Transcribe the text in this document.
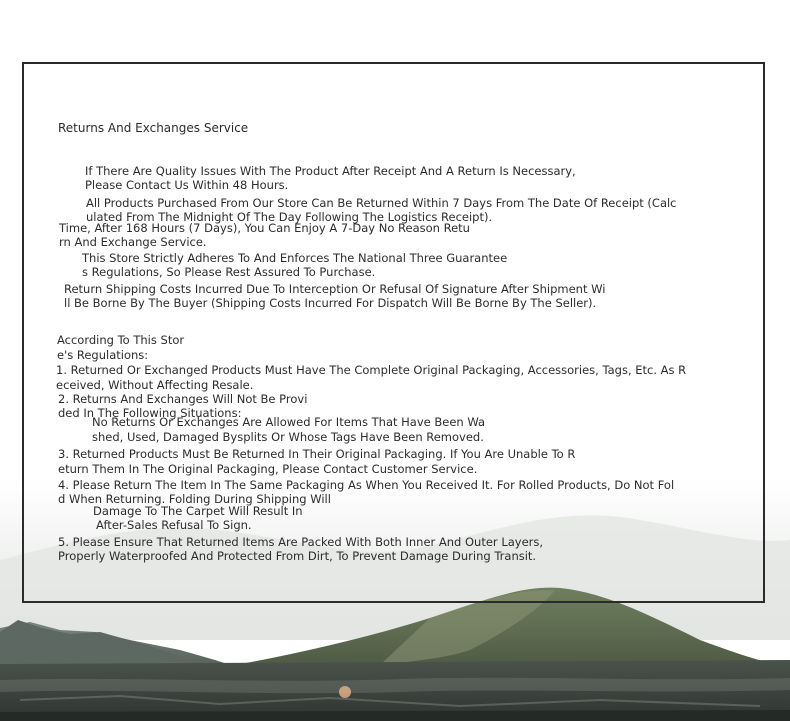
Returns And Exchanges Service

If There Are Quality Issues With The Product After Receipt And A Return Is Necessary,

Please Contact Us Within 48 Hours.

All Products Purchased From Our Store Can Be Returned Within 7 Days From The Date Of Receipt (Calc

ulated From The Midnight Of The Day Following The Logistics Receipt).

Time, After 168 Hours (7 Days), You Can Enjoy A 7-Day No Reason Retu

rn And Exchange Service.

This Store Strictly Adheres To And Enforces The National Three Guarantee

s Regulations, So Please Rest Assured To Purchase.

Return Shipping Costs Incurred Due To Interception Or Refusal Of Signature After Shipment Wi

ll Be Borne By The Buyer (Shipping Costs Incurred For Dispatch Will Be Borne By The Seller).

According To This Stor

e's Regulations:

1. Returned Or Exchanged Products Must Have The Complete Original Packaging, Accessories, Tags, Etc. As R

eceived, Without Affecting Resale.

2. Returns And Exchanges Will Not Be Provi

ded In The Following Situations:

No Returns Or Exchanges Are Allowed For Items That Have Been Wa

shed, Used, Damaged Bysplits Or Whose Tags Have Been Removed.

3. Returned Products Must Be Returned In Their Original Packaging. If You Are Unable To R

eturn Them In The Original Packaging, Please Contact Customer Service.

4. Please Return The Item In The Same Packaging As When You Received It. For Rolled Products, Do Not Fol

d When Returning. Folding During Shipping Will

Damage To The Carpet Will Result In

After-Sales Refusal To Sign.

5. Please Ensure That Returned Items Are Packed With Both Inner And Outer Layers,

Properly Waterproofed And Protected From Dirt, To Prevent Damage During Transit.
